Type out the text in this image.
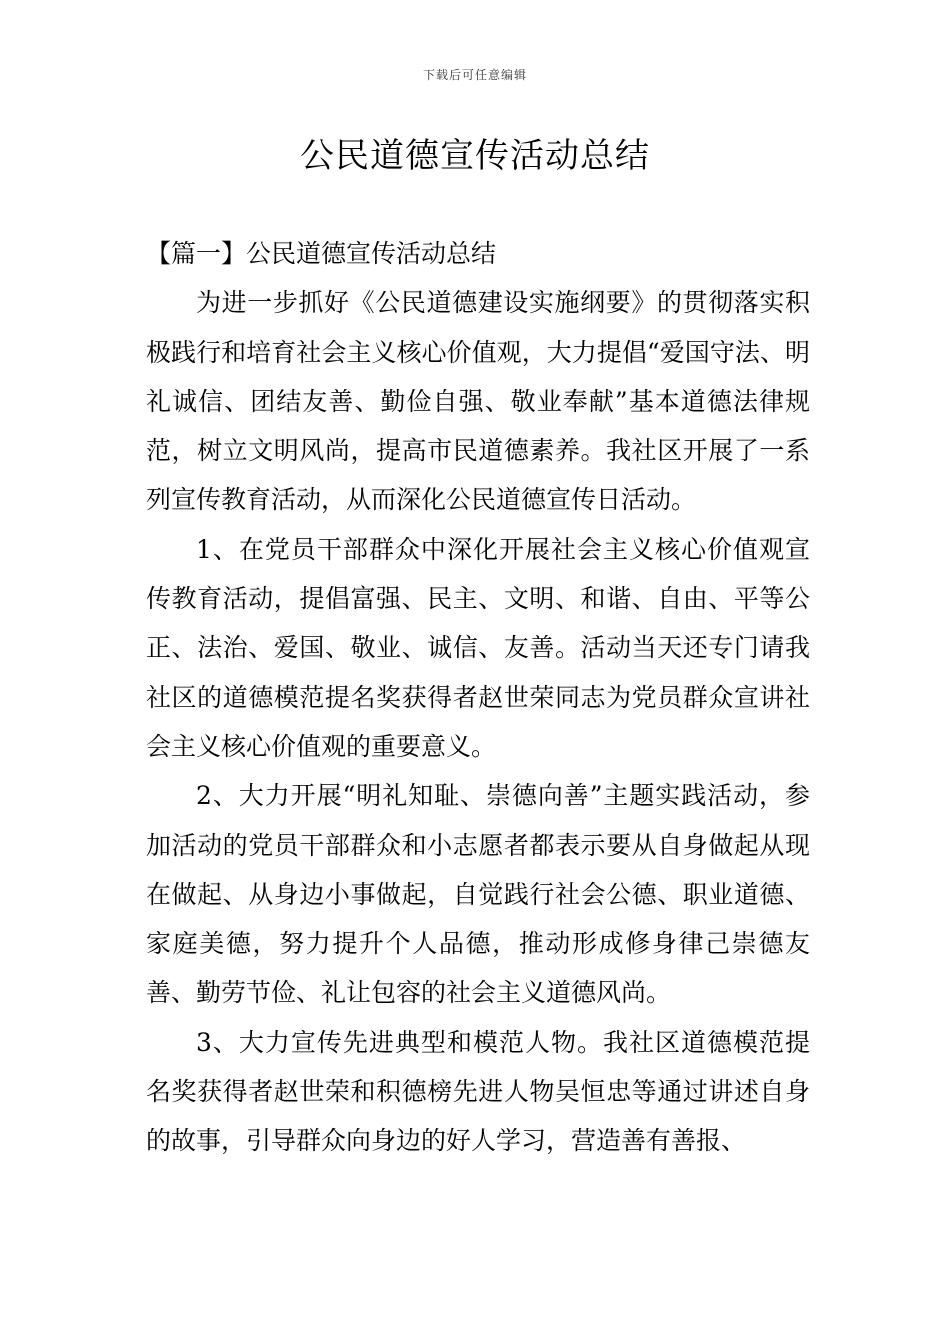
下载后可任意编辑
公民道德宣传活动总结

【篇一】公民道德宣传活动总结

为进一步抓好《公民道德建设实施纲要》的贯彻落实积极践行和培育社会主义核心价值观，大力提倡“爱国守法、明礼诚信、团结友善、勤俭自强、敬业奉献”基本道德法律规范，树立文明风尚，提高市民道德素养。我社区开展了一系列宣传教育活动，从而深化公民道德宣传日活动。

1、在党员干部群众中深化开展社会主义核心价值观宣传教育活动，提倡富强、民主、文明、和谐、自由、平等公正、法治、爱国、敬业、诚信、友善。活动当天还专门请我社区的道德模范提名奖获得者赵世荣同志为党员群众宣讲社会主义核心价值观的重要意义。

2、大力开展“明礼知耻、崇德向善”主题实践活动，参加活动的党员干部群众和小志愿者都表示要从自身做起从现在做起、从身边小事做起，自觉践行社会公德、职业道德、家庭美德，努力提升个人品德，推动形成修身律己崇德友善、勤劳节俭、礼让包容的社会主义道德风尚。

3、大力宣传先进典型和模范人物。我社区道德模范提名奖获得者赵世荣和积德榜先进人物吴恒忠等通过讲述自身的故事，引导群众向身边的好人学习，营造善有善报、
